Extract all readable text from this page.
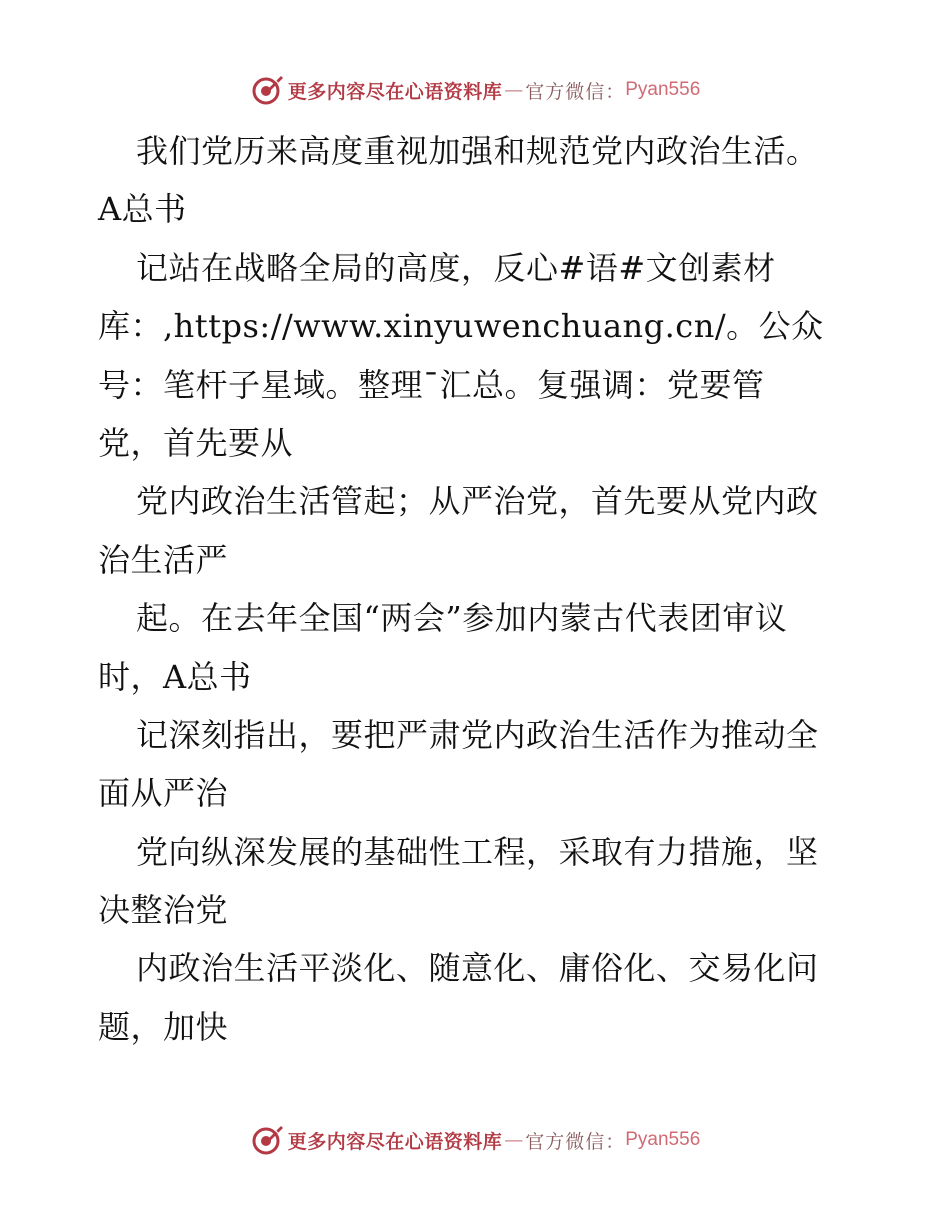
更多内容尽在心语资料库 — 官方微信： Pyan556
我们党历来高度重视加强和规范党内政治生活。
A总书
记站在战略全局的高度，反心#语#文创素材
库：,https://www.xinyuwenchuang.cn/。公众
号：笔杆子星域。整理¯汇总。复强调：党要管
党，首先要从
党内政治生活管起；从严治党，首先要从党内政
治生活严
起。在去年全国“两会”参加内蒙古代表团审议
时，A总书
记深刻指出，要把严肃党内政治生活作为推动全
面从严治
党向纵深发展的基础性工程，采取有力措施，坚
决整治党
内政治生活平淡化、随意化、庸俗化、交易化问
题，加快
更多内容尽在心语资料库 — 官方微信： Pyan556
